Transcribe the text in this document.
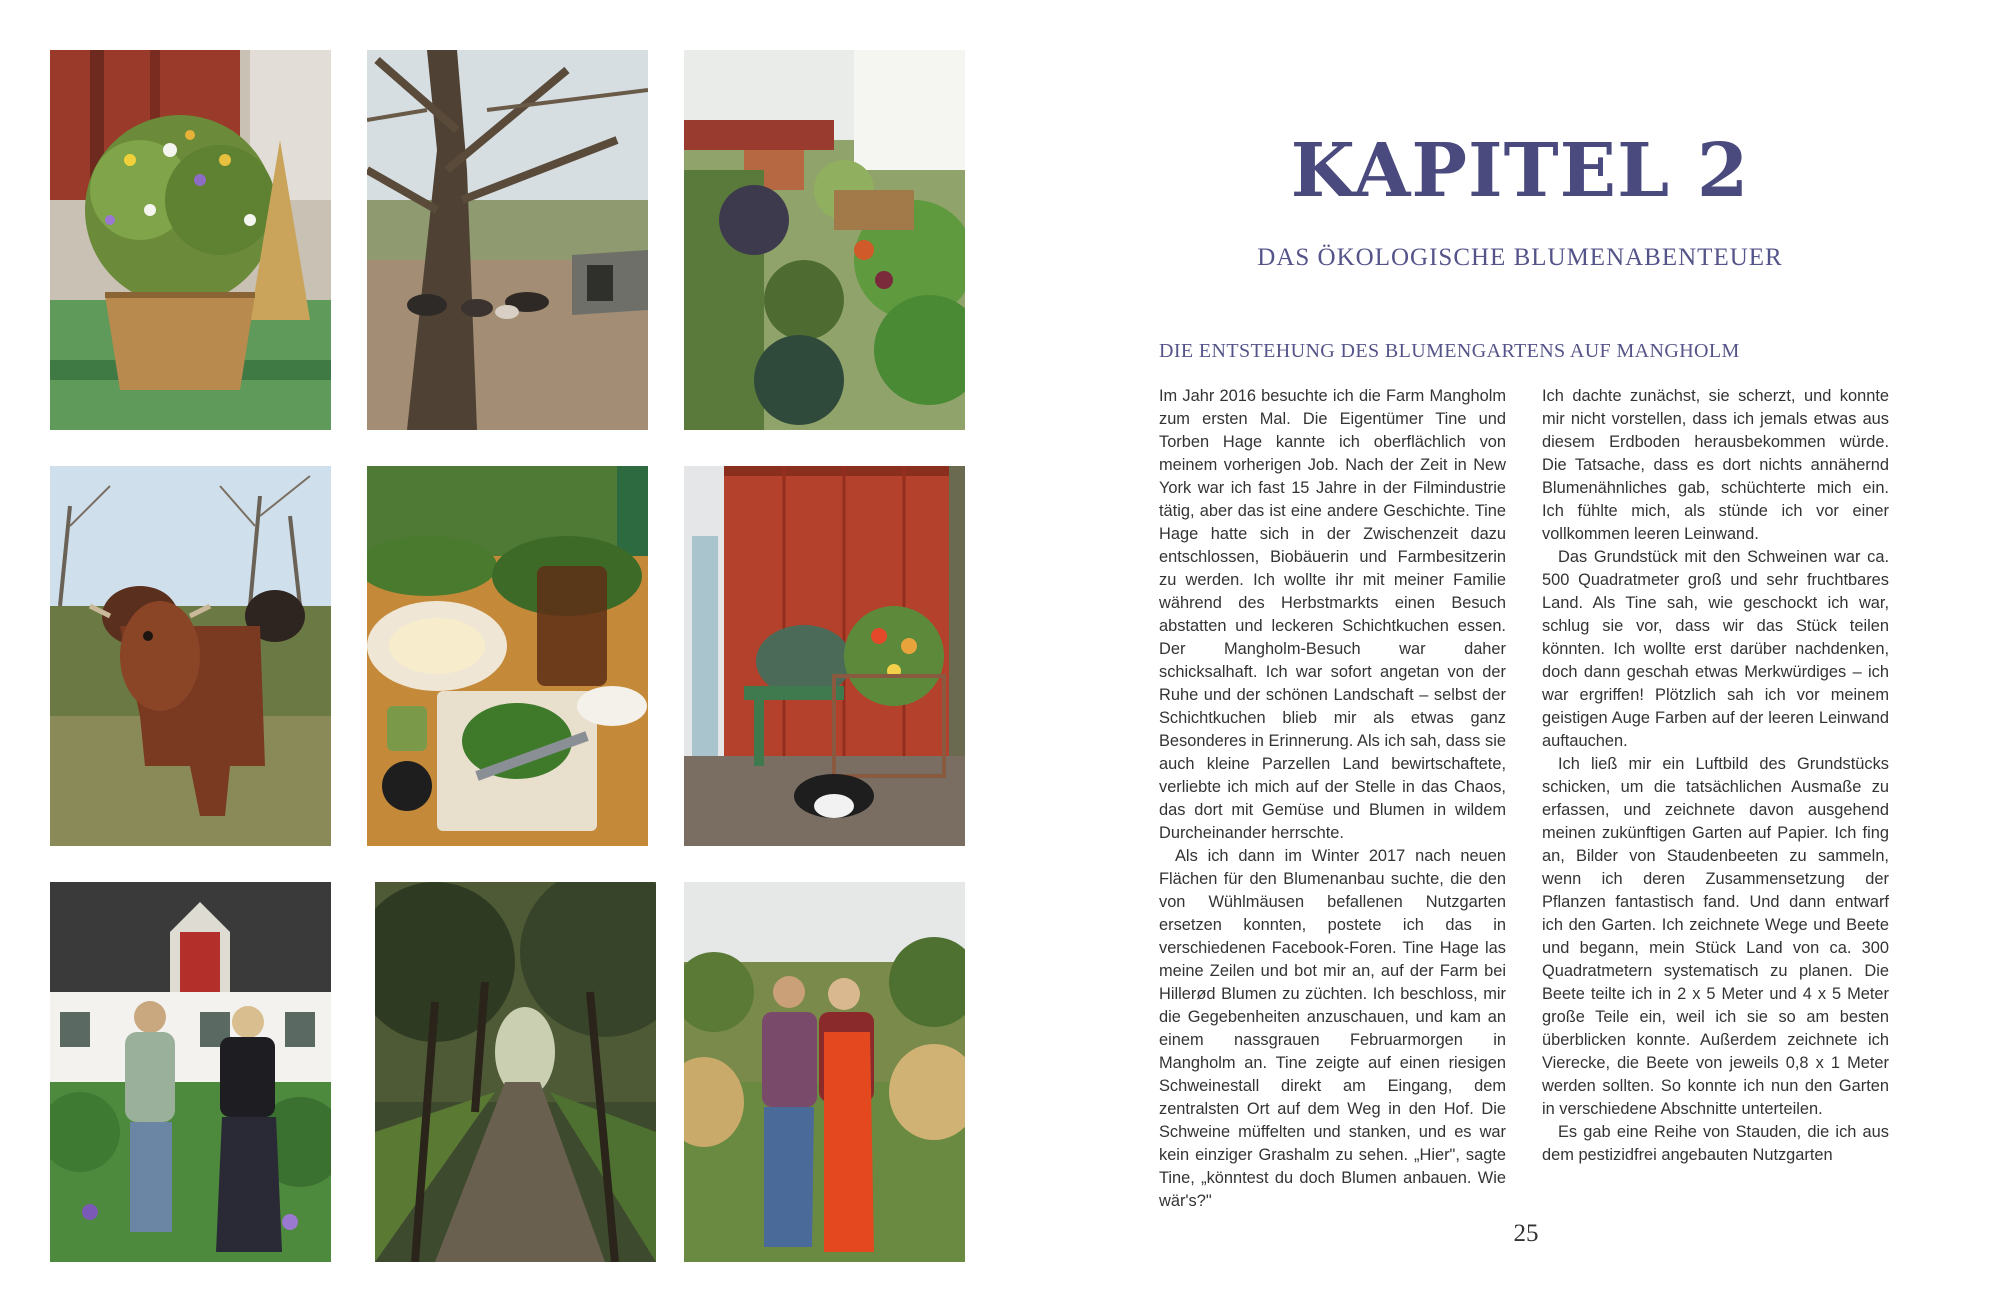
KAPITEL 2
DAS ÖKOLOGISCHE BLUMENABENTEUER
DIE ENTSTEHUNG DES BLUMENGARTENS AUF MANGHOLM

Im Jahr 2016 besuchte ich die Farm Mangholm zum ersten Mal. Die Eigentümer Tine und Torben Hage kannte ich oberflächlich von meinem vorherigen Job. Nach der Zeit in New York war ich fast 15 Jahre in der Filmindustrie tätig, aber das ist eine andere Geschichte. Tine Hage hatte sich in der Zwischenzeit dazu entschlossen, Biobäuerin und Farmbesitzerin zu werden. Ich wollte ihr mit meiner Familie während des Herbstmarkts einen Besuch abstatten und leckeren Schichtkuchen essen. Der Mangholm-Besuch war daher schicksalhaft. Ich war sofort angetan von der Ruhe und der schönen Landschaft – selbst der Schichtkuchen blieb mir als etwas ganz Besonderes in Erinnerung. Als ich sah, dass sie auch kleine Parzellen Land bewirtschaftete, verliebte ich mich auf der Stelle in das Chaos, das dort mit Gemüse und Blumen in wildem Durcheinander herrschte.

Als ich dann im Winter 2017 nach neuen Flächen für den Blumenanbau suchte, die den von Wühlmäusen befallenen Nutzgarten ersetzen konnten, postete ich das in verschiedenen Facebook-Foren. Tine Hage las meine Zeilen und bot mir an, auf der Farm bei Hillerød Blumen zu züchten. Ich beschloss, mir die Gegebenheiten anzuschauen, und kam an einem nassgrauen Februarmorgen in Mangholm an. Tine zeigte auf einen riesigen Schweinestall direkt am Eingang, dem zentralsten Ort auf dem Weg in den Hof. Die Schweine müffelten und stanken, und es war kein einziger Grashalm zu sehen. „Hier", sagte Tine, „könntest du doch Blumen anbauen. Wie wär's?"

Ich dachte zunächst, sie scherzt, und konnte mir nicht vorstellen, dass ich jemals etwas aus diesem Erdboden herausbekommen würde. Die Tatsache, dass es dort nichts annähernd Blumenähnliches gab, schüchterte mich ein. Ich fühlte mich, als stünde ich vor einer vollkommen leeren Leinwand.

Das Grundstück mit den Schweinen war ca. 500 Quadratmeter groß und sehr fruchtbares Land. Als Tine sah, wie geschockt ich war, schlug sie vor, dass wir das Stück teilen könnten. Ich wollte erst darüber nachdenken, doch dann geschah etwas Merkwürdiges – ich war ergriffen! Plötzlich sah ich vor meinem geistigen Auge Farben auf der leeren Leinwand auftauchen.

Ich ließ mir ein Luftbild des Grundstücks schicken, um die tatsächlichen Ausmaße zu erfassen, und zeichnete davon ausgehend meinen zukünftigen Garten auf Papier. Ich fing an, Bilder von Staudenbeeten zu sammeln, wenn ich deren Zusammensetzung der Pflanzen fantastisch fand. Und dann entwarf ich den Garten. Ich zeichnete Wege und Beete und begann, mein Stück Land von ca. 300 Quadratmetern systematisch zu planen. Die Beete teilte ich in 2 x 5 Meter und 4 x 5 Meter große Teile ein, weil ich sie so am besten überblicken konnte. Außerdem zeichnete ich Vierecke, die Beete von jeweils 0,8 x 1 Meter werden sollten. So konnte ich nun den Garten in verschiedene Abschnitte unterteilen.

Es gab eine Reihe von Stauden, die ich aus dem pestizidfrei angebauten Nutzgarten

25
